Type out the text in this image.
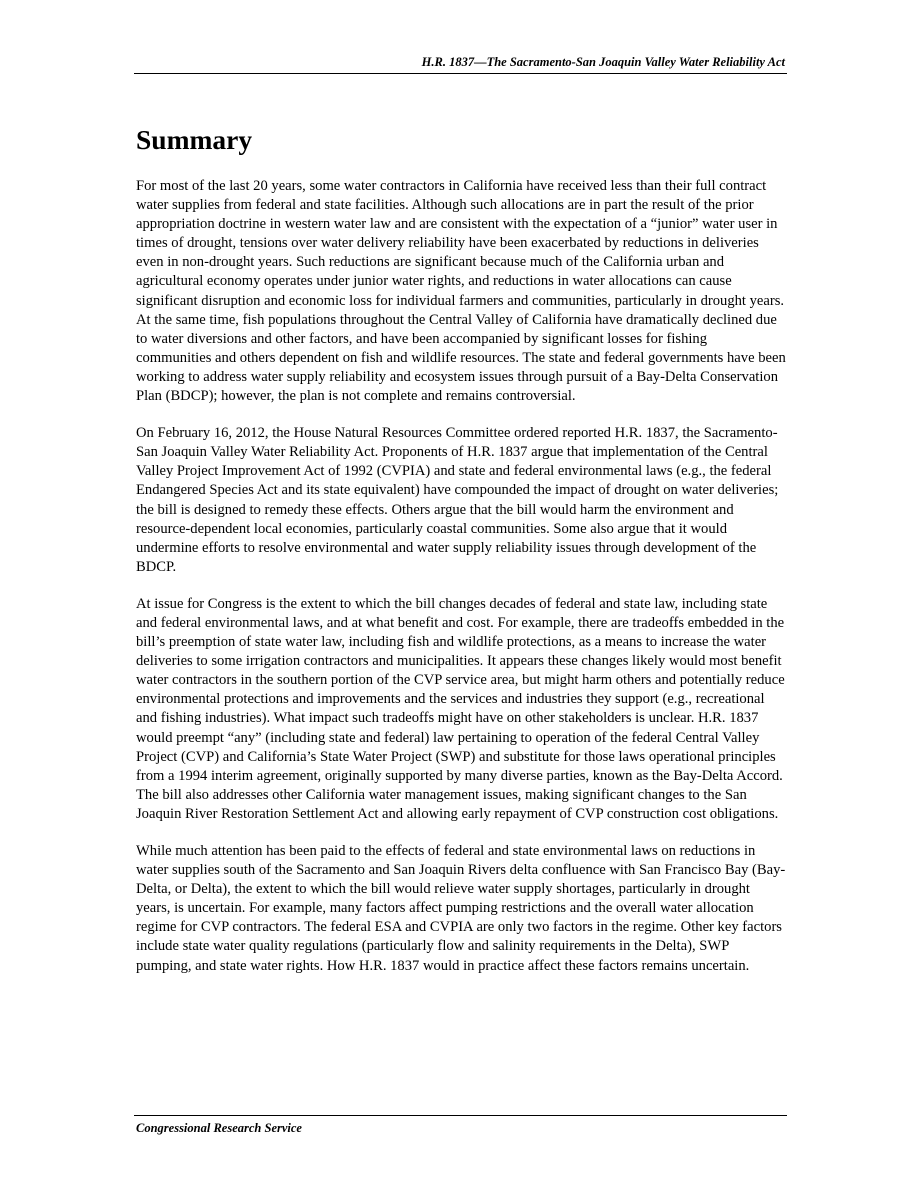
H.R. 1837—The Sacramento-San Joaquin Valley Water Reliability Act
Summary

For most of the last 20 years, some water contractors in California have received less than their full contract water supplies from federal and state facilities. Although such allocations are in part the result of the prior appropriation doctrine in western water law and are consistent with the expectation of a “junior” water user in times of drought, tensions over water delivery reliability have been exacerbated by reductions in deliveries even in non-drought years. Such reductions are significant because much of the California urban and agricultural economy operates under junior water rights, and reductions in water allocations can cause significant disruption and economic loss for individual farmers and communities, particularly in drought years. At the same time, fish populations throughout the Central Valley of California have dramatically declined due to water diversions and other factors, and have been accompanied by significant losses for fishing communities and others dependent on fish and wildlife resources. The state and federal governments have been working to address water supply reliability and ecosystem issues through pursuit of a Bay-Delta Conservation Plan (BDCP); however, the plan is not complete and remains controversial.

On February 16, 2012, the House Natural Resources Committee ordered reported H.R. 1837, the Sacramento-San Joaquin Valley Water Reliability Act. Proponents of H.R. 1837 argue that implementation of the Central Valley Project Improvement Act of 1992 (CVPIA) and state and federal environmental laws (e.g., the federal Endangered Species Act and its state equivalent) have compounded the impact of drought on water deliveries; the bill is designed to remedy these effects. Others argue that the bill would harm the environment and resource-dependent local economies, particularly coastal communities. Some also argue that it would undermine efforts to resolve environmental and water supply reliability issues through development of the BDCP.

At issue for Congress is the extent to which the bill changes decades of federal and state law, including state and federal environmental laws, and at what benefit and cost. For example, there are tradeoffs embedded in the bill’s preemption of state water law, including fish and wildlife protections, as a means to increase the water deliveries to some irrigation contractors and municipalities. It appears these changes likely would most benefit water contractors in the southern portion of the CVP service area, but might harm others and potentially reduce environmental protections and improvements and the services and industries they support (e.g., recreational and fishing industries). What impact such tradeoffs might have on other stakeholders is unclear. H.R. 1837 would preempt “any” (including state and federal) law pertaining to operation of the federal Central Valley Project (CVP) and California’s State Water Project (SWP) and substitute for those laws operational principles from a 1994 interim agreement, originally supported by many diverse parties, known as the Bay-Delta Accord. The bill also addresses other California water management issues, making significant changes to the San Joaquin River Restoration Settlement Act and allowing early repayment of CVP construction cost obligations.

While much attention has been paid to the effects of federal and state environmental laws on reductions in water supplies south of the Sacramento and San Joaquin Rivers delta confluence with San Francisco Bay (Bay-Delta, or Delta), the extent to which the bill would relieve water supply shortages, particularly in drought years, is uncertain. For example, many factors affect pumping restrictions and the overall water allocation regime for CVP contractors. The federal ESA and CVPIA are only two factors in the regime. Other key factors include state water quality regulations (particularly flow and salinity requirements in the Delta), SWP pumping, and state water rights. How H.R. 1837 would in practice affect these factors remains uncertain.

Congressional Research Service
